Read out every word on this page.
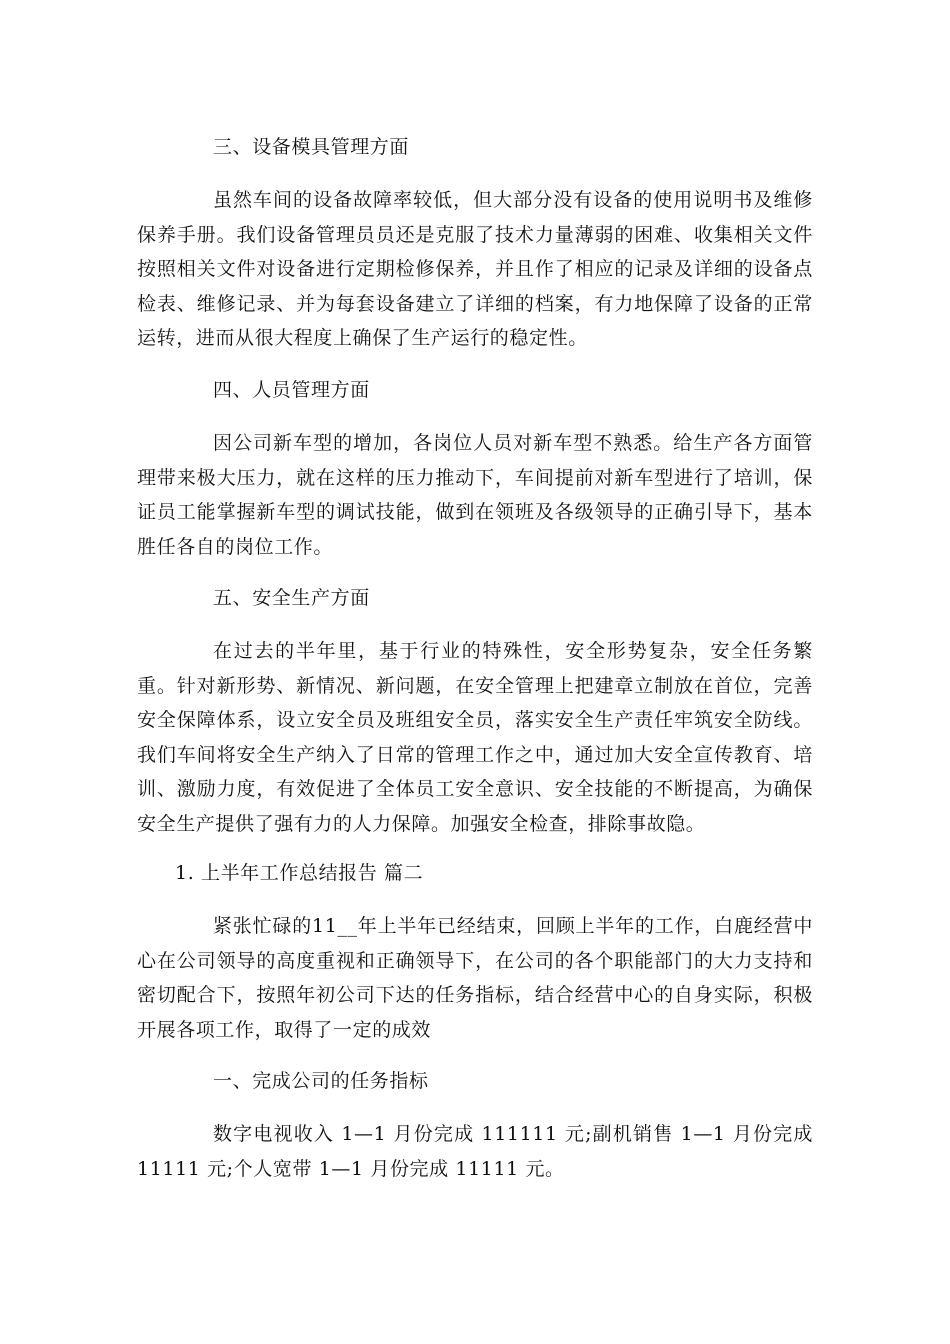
三、设备模具管理方面

虽然车间的设备故障率较低，但大部分没有设备的使用说明书及维修保养手册。我们设备管理员员还是克服了技术力量薄弱的困难、收集相关文件按照相关文件对设备进行定期检修保养，并且作了相应的记录及详细的设备点检表、维修记录、并为每套设备建立了详细的档案，有力地保障了设备的正常运转，进而从很大程度上确保了生产运行的稳定性。

四、人员管理方面

因公司新车型的增加，各岗位人员对新车型不熟悉。给生产各方面管理带来极大压力，就在这样的压力推动下，车间提前对新车型进行了培训，保证员工能掌握新车型的调试技能，做到在领班及各级领导的正确引导下，基本胜任各自的岗位工作。

五、安全生产方面

在过去的半年里，基于行业的特殊性，安全形势复杂，安全任务繁重。针对新形势、新情况、新问题，在安全管理上把建章立制放在首位，完善安全保障体系，设立安全员及班组安全员，落实安全生产责任牢筑安全防线。我们车间将安全生产纳入了日常的管理工作之中，通过加大安全宣传教育、培训、激励力度，有效促进了全体员工安全意识、安全技能的不断提高，为确保安全生产提供了强有力的人力保障。加强安全检查，排除事故隐。

1. 上半年工作总结报告 篇二

紧张忙碌的11__年上半年已经结束，回顾上半年的工作，白鹿经营中心在公司领导的高度重视和正确领导下，在公司的各个职能部门的大力支持和密切配合下，按照年初公司下达的任务指标，结合经营中心的自身实际，积极开展各项工作，取得了一定的成效

一、完成公司的任务指标

数字电视收入 1—1 月份完成 111111 元;副机销售 1—1 月份完成 11111 元;个人宽带 1—1 月份完成 11111 元。
